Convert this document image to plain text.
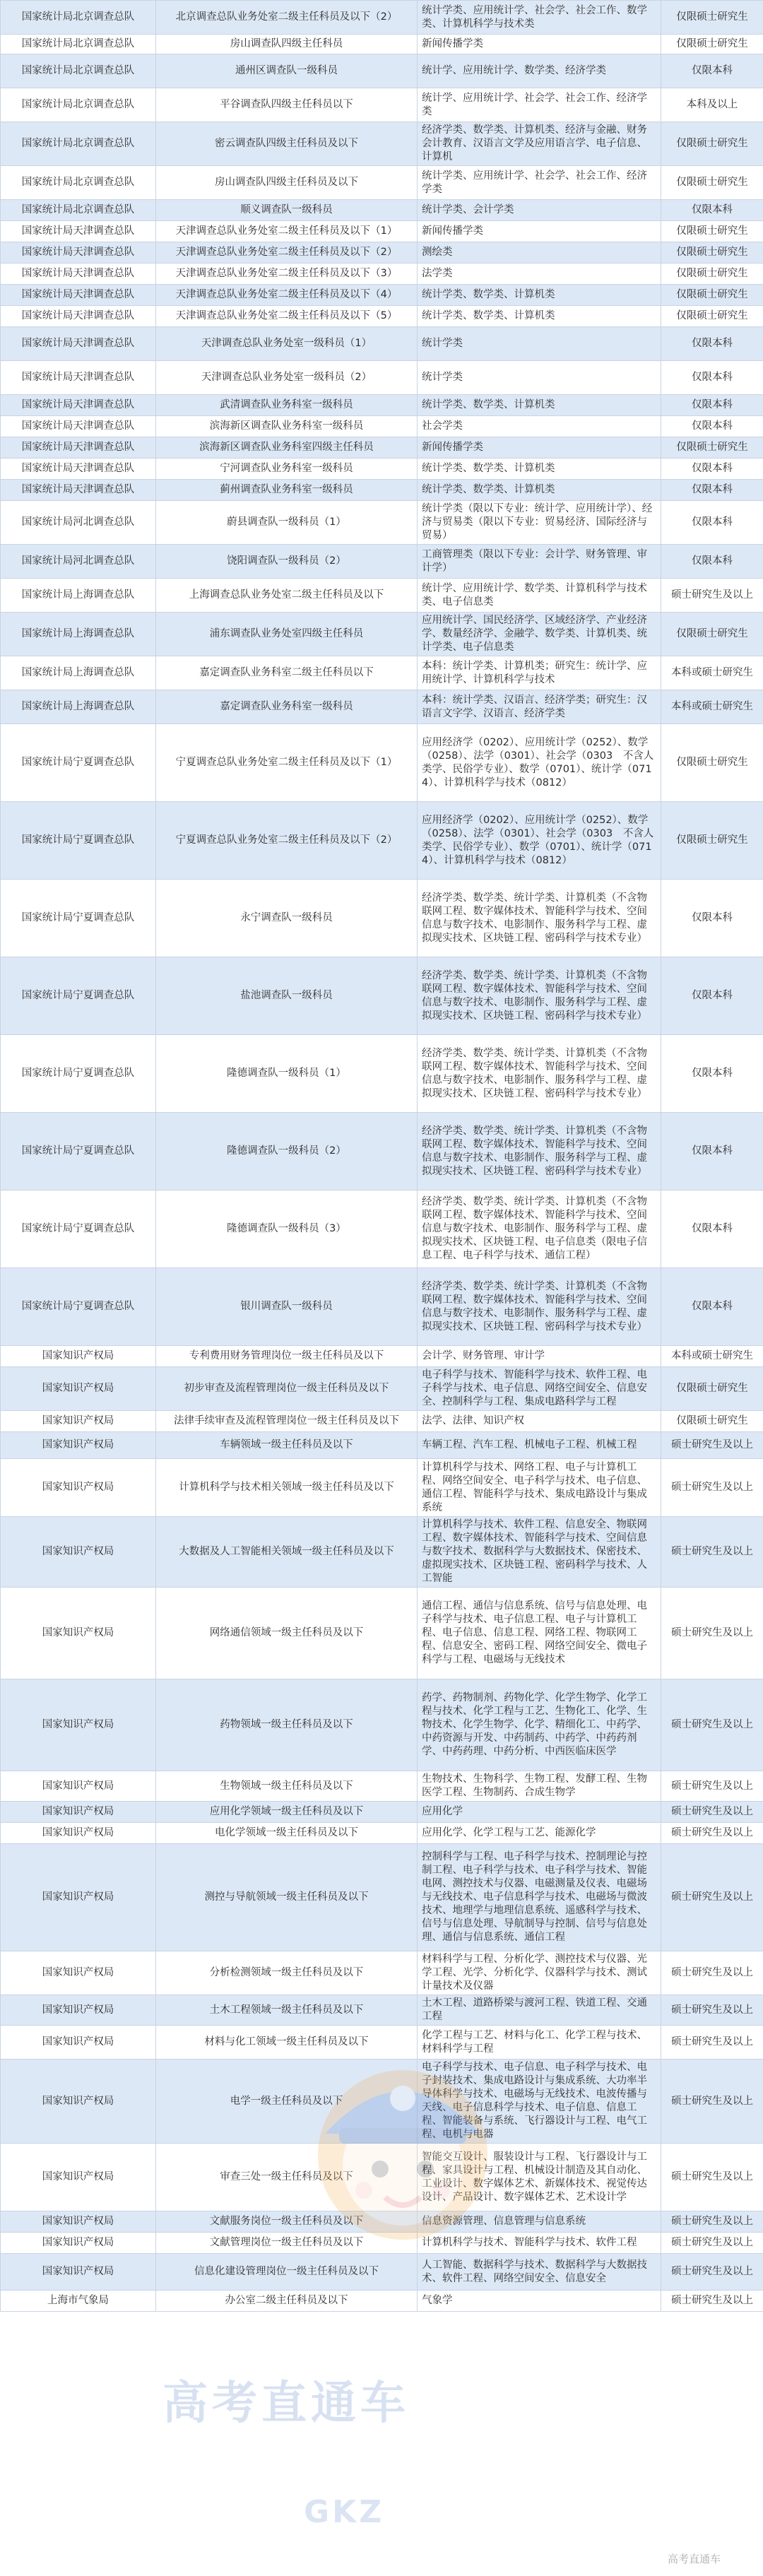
国家统计局北京调查总队	北京调查总队业务处室二级主任科员及以下（2）	统计学类、应用统计学、社会学、社会工作、数学类、计算机科学与技术类	仅限硕士研究生
国家统计局北京调查总队	房山调查队四级主任科员	新闻传播学类	仅限硕士研究生
国家统计局北京调查总队	通州区调查队一级科员	统计学、应用统计学、数学类、经济学类	仅限本科
国家统计局北京调查总队	平谷调查队四级主任科员以下	统计学、应用统计学、社会学、社会工作、经济学类	本科及以上
国家统计局北京调查总队	密云调查队四级主任科员及以下	经济学类、数学类、计算机类、经济与金融、财务会计教育、汉语言文学及应用语言学、电子信息、计算机	仅限硕士研究生
国家统计局北京调查总队	房山调查队四级主任科员及以下	统计学类、应用统计学、社会学、社会工作、经济学类	仅限硕士研究生
国家统计局北京调查总队	顺义调查队一级科员	统计学类、会计学类	仅限本科
国家统计局天津调查总队	天津调查总队业务处室二级主任科员及以下（1）	新闻传播学类	仅限硕士研究生
国家统计局天津调查总队	天津调查总队业务处室二级主任科员及以下（2）	测绘类	仅限硕士研究生
国家统计局天津调查总队	天津调查总队业务处室二级主任科员及以下（3）	法学类	仅限硕士研究生
国家统计局天津调查总队	天津调查总队业务处室二级主任科员及以下（4）	统计学类、数学类、计算机类	仅限硕士研究生
国家统计局天津调查总队	天津调查总队业务处室二级主任科员及以下（5）	统计学类、数学类、计算机类	仅限硕士研究生
国家统计局天津调查总队	天津调查总队业务处室一级科员（1）	统计学类	仅限本科
国家统计局天津调查总队	天津调查总队业务处室一级科员（2）	统计学类	仅限本科
国家统计局天津调查总队	武清调查队业务科室一级科员	统计学类、数学类、计算机类	仅限本科
国家统计局天津调查总队	滨海新区调查队业务科室一级科员	社会学类	仅限本科
国家统计局天津调查总队	滨海新区调查队业务科室四级主任科员	新闻传播学类	仅限硕士研究生
国家统计局天津调查总队	宁河调查队业务科室一级科员	统计学类、数学类、计算机类	仅限本科
国家统计局天津调查总队	蓟州调查队业务科室一级科员	统计学类、数学类、计算机类	仅限本科
国家统计局河北调查总队	蔚县调查队一级科员（1）	统计学类（限以下专业：统计学、应用统计学）、经济与贸易类（限以下专业：贸易经济、国际经济与贸易）	仅限本科
国家统计局河北调查总队	饶阳调查队一级科员（2）	工商管理类（限以下专业：会计学、财务管理、审计学）	仅限本科
国家统计局上海调查总队	上海调查总队业务处室二级主任科员及以下	统计学、应用统计学、数学类、计算机科学与技术类、电子信息类	硕士研究生及以上
国家统计局上海调查总队	浦东调查队业务处室四级主任科员	应用统计学、国民经济学、区域经济学、产业经济学、数量经济学、金融学、数学类、计算机类、统计学类、电子信息类	仅限硕士研究生
国家统计局上海调查总队	嘉定调查队业务科室二级主任科员以下	本科：统计学类、计算机类；研究生：统计学、应用统计学、计算机科学与技术	本科或硕士研究生
国家统计局上海调查总队	嘉定调查队业务科室一级科员	本科：统计学类、汉语言、经济学类；研究生：汉语言文字学、汉语言、经济学类	本科或硕士研究生
国家统计局宁夏调查总队	宁夏调查总队业务处室二级主任科员及以下（1）	应用经济学（0202）、应用统计学（0252）、数学（0258）、法学（0301）、社会学（0303　不含人类学、民俗学专业）、数学（0701）、统计学（0714）、计算机科学与技术（0812）	仅限硕士研究生
国家统计局宁夏调查总队	宁夏调查总队业务处室二级主任科员及以下（2）	应用经济学（0202）、应用统计学（0252）、数学（0258）、法学（0301）、社会学（0303　不含人类学、民俗学专业）、数学（0701）、统计学（0714）、计算机科学与技术（0812）	仅限硕士研究生
国家统计局宁夏调查总队	永宁调查队一级科员	经济学类、数学类、统计学类、计算机类（不含物联网工程、数字媒体技术、智能科学与技术、空间信息与数字技术、电影制作、服务科学与工程、虚拟现实技术、区块链工程、密码科学与技术专业）	仅限本科
国家统计局宁夏调查总队	盐池调查队一级科员	经济学类、数学类、统计学类、计算机类（不含物联网工程、数字媒体技术、智能科学与技术、空间信息与数字技术、电影制作、服务科学与工程、虚拟现实技术、区块链工程、密码科学与技术专业）	仅限本科
国家统计局宁夏调查总队	隆德调查队一级科员（1）	经济学类、数学类、统计学类、计算机类（不含物联网工程、数字媒体技术、智能科学与技术、空间信息与数字技术、电影制作、服务科学与工程、虚拟现实技术、区块链工程、密码科学与技术专业）	仅限本科
国家统计局宁夏调查总队	隆德调查队一级科员（2）	经济学类、数学类、统计学类、计算机类（不含物联网工程、数字媒体技术、智能科学与技术、空间信息与数字技术、电影制作、服务科学与工程、虚拟现实技术、区块链工程、密码科学与技术专业）	仅限本科
国家统计局宁夏调查总队	隆德调查队一级科员（3）	经济学类、数学类、统计学类、计算机类（不含物联网工程、数字媒体技术、智能科学与技术、空间信息与数字技术、电影制作、服务科学与工程、虚拟现实技术、区块链工程、电子信息类（限电子信息工程、电子科学与技术、通信工程）	仅限本科
国家统计局宁夏调查总队	银川调查队一级科员	经济学类、数学类、统计学类、计算机类（不含物联网工程、数字媒体技术、智能科学与技术、空间信息与数字技术、电影制作、服务科学与工程、虚拟现实技术、区块链工程、密码科学与技术专业）	仅限本科
国家知识产权局	专利费用财务管理岗位一级主任科员及以下	会计学、财务管理、审计学	本科或硕士研究生
国家知识产权局	初步审查及流程管理岗位一级主任科员及以下	电子科学与技术、智能科学与技术、软件工程、电子科学与技术、电子信息、网络空间安全、信息安全、控制科学与工程、集成电路科学与工程	仅限硕士研究生
国家知识产权局	法律手续审查及流程管理岗位一级主任科员及以下	法学、法律、知识产权	仅限硕士研究生
国家知识产权局	车辆领域一级主任科员及以下	车辆工程、汽车工程、机械电子工程、机械工程	硕士研究生及以上
国家知识产权局	计算机科学与技术相关领域一级主任科员及以下	计算机科学与技术、网络工程、电子与计算机工程、网络空间安全、电子科学与技术、电子信息、通信工程、智能科学与技术、集成电路设计与集成系统	硕士研究生及以上
国家知识产权局	大数据及人工智能相关领域一级主任科员及以下	计算机科学与技术、软件工程、信息安全、物联网工程、数字媒体技术、智能科学与技术、空间信息与数字技术、数据科学与大数据技术、保密技术、虚拟现实技术、区块链工程、密码科学与技术、人工智能	硕士研究生及以上
国家知识产权局	网络通信领域一级主任科员及以下	通信工程、通信与信息系统、信号与信息处理、电子科学与技术、电子信息工程、电子与计算机工程、电子信息、信息工程、网络工程、物联网工程、信息安全、密码工程、网络空间安全、微电子科学与工程、电磁场与无线技术	硕士研究生及以上
国家知识产权局	药物领域一级主任科员及以下	药学、药物制剂、药物化学、化学生物学、化学工程与技术、化学工程与工艺、生物化工、化学、生物技术、化学生物学、化学、精细化工、中药学、中药资源与开发、中药制药、中药学、中药药剂学、中药药理、中药分析、中西医临床医学	硕士研究生及以上
国家知识产权局	生物领域一级主任科员及以下	生物技术、生物科学、生物工程、发酵工程、生物医学工程、生物制药、合成生物学	硕士研究生及以上
国家知识产权局	应用化学领域一级主任科员及以下	应用化学	硕士研究生及以上
国家知识产权局	电化学领域一级主任科员及以下	应用化学、化学工程与工艺、能源化学	硕士研究生及以上
国家知识产权局	测控与导航领域一级主任科员及以下	控制科学与工程、电子科学与技术、控制理论与控制工程、电子科学与技术、电子科学与技术、智能电网、测控技术与仪器、电磁测量及仪表、电磁场与无线技术、电子信息科学与技术、电磁场与微波技术、地理学与地理信息系统、遥感科学与技术、信号与信息处理、导航制导与控制、信号与信息处理、通信与信息系统、通信工程	硕士研究生及以上
国家知识产权局	分析检测领域一级主任科员及以下	材料科学与工程、分析化学、测控技术与仪器、光学工程、光学、分析化学、仪器科学与技术、测试计量技术及仪器	硕士研究生及以上
国家知识产权局	土木工程领域一级主任科员及以下	土木工程、道路桥梁与渡河工程、铁道工程、交通工程	硕士研究生及以上
国家知识产权局	材料与化工领域一级主任科员及以下	化学工程与工艺、材料与化工、化学工程与技术、材料科学与工程	硕士研究生及以上
国家知识产权局	电学一级主任科员及以下	电子科学与技术、电子信息、电子科学与技术、电子封装技术、集成电路设计与集成系统、大功率半导体科学与技术、电磁场与无线技术、电波传播与天线、电子信息科学与技术、电子信息、信息工程、智能装备与系统、飞行器设计与工程、电气工程、电机与电器	硕士研究生及以上
国家知识产权局	审查三处一级主任科员及以下	智能交互设计、服装设计与工程、飞行器设计与工程、家具设计与工程、机械设计制造及其自动化、工业设计、数字媒体艺术、新媒体技术、视觉传达设计、产品设计、数字媒体艺术、艺术设计学	硕士研究生及以上
国家知识产权局	文献服务岗位一级主任科员及以下	信息资源管理、信息管理与信息系统	硕士研究生及以上
国家知识产权局	文献管理岗位一级主任科员及以下	计算机科学与技术、智能科学与技术、软件工程	硕士研究生及以上
国家知识产权局	信息化建设管理岗位一级主任科员及以下	人工智能、数据科学与技术、数据科学与大数据技术、软件工程、网络空间安全、信息安全	硕士研究生及以上
上海市气象局	办公室二级主任科员及以下	气象学	硕士研究生及以上
高考直通车
GKZ
高考直通车
